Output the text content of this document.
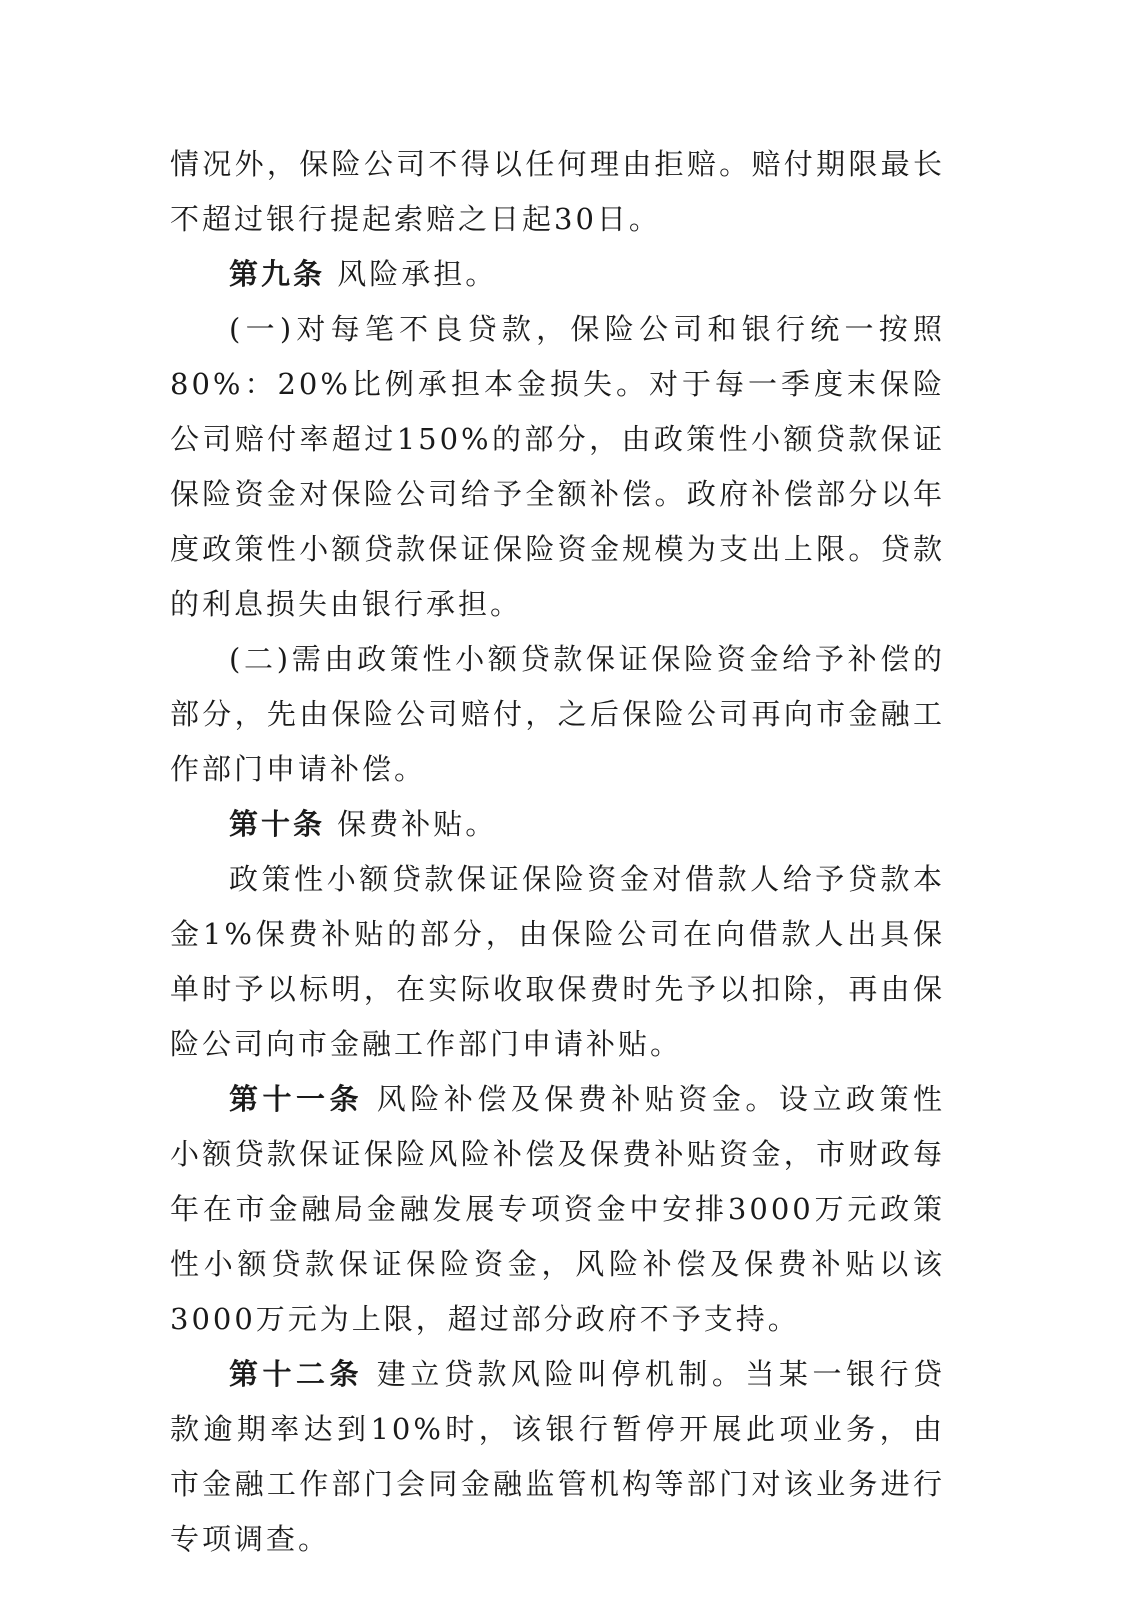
情况外，保险公司不得以任何理由拒赔。赔付期限最长不超过银行提起索赔之日起30日。

第九条 风险承担。

(一)对每笔不良贷款，保险公司和银行统一按照80%：20%比例承担本金损失。对于每一季度末保险公司赔付率超过150%的部分，由政策性小额贷款保证保险资金对保险公司给予全额补偿。政府补偿部分以年度政策性小额贷款保证保险资金规模为支出上限。贷款的利息损失由银行承担。

(二)需由政策性小额贷款保证保险资金给予补偿的部分，先由保险公司赔付，之后保险公司再向市金融工作部门申请补偿。

第十条 保费补贴。

政策性小额贷款保证保险资金对借款人给予贷款本金1%保费补贴的部分，由保险公司在向借款人出具保单时予以标明，在实际收取保费时先予以扣除，再由保险公司向市金融工作部门申请补贴。

第十一条 风险补偿及保费补贴资金。设立政策性小额贷款保证保险风险补偿及保费补贴资金，市财政每年在市金融局金融发展专项资金中安排3000万元政策性小额贷款保证保险资金，风险补偿及保费补贴以该3000万元为上限，超过部分政府不予支持。

第十二条 建立贷款风险叫停机制。当某一银行贷款逾期率达到10%时，该银行暂停开展此项业务，由市金融工作部门会同金融监管机构等部门对该业务进行专项调查。
